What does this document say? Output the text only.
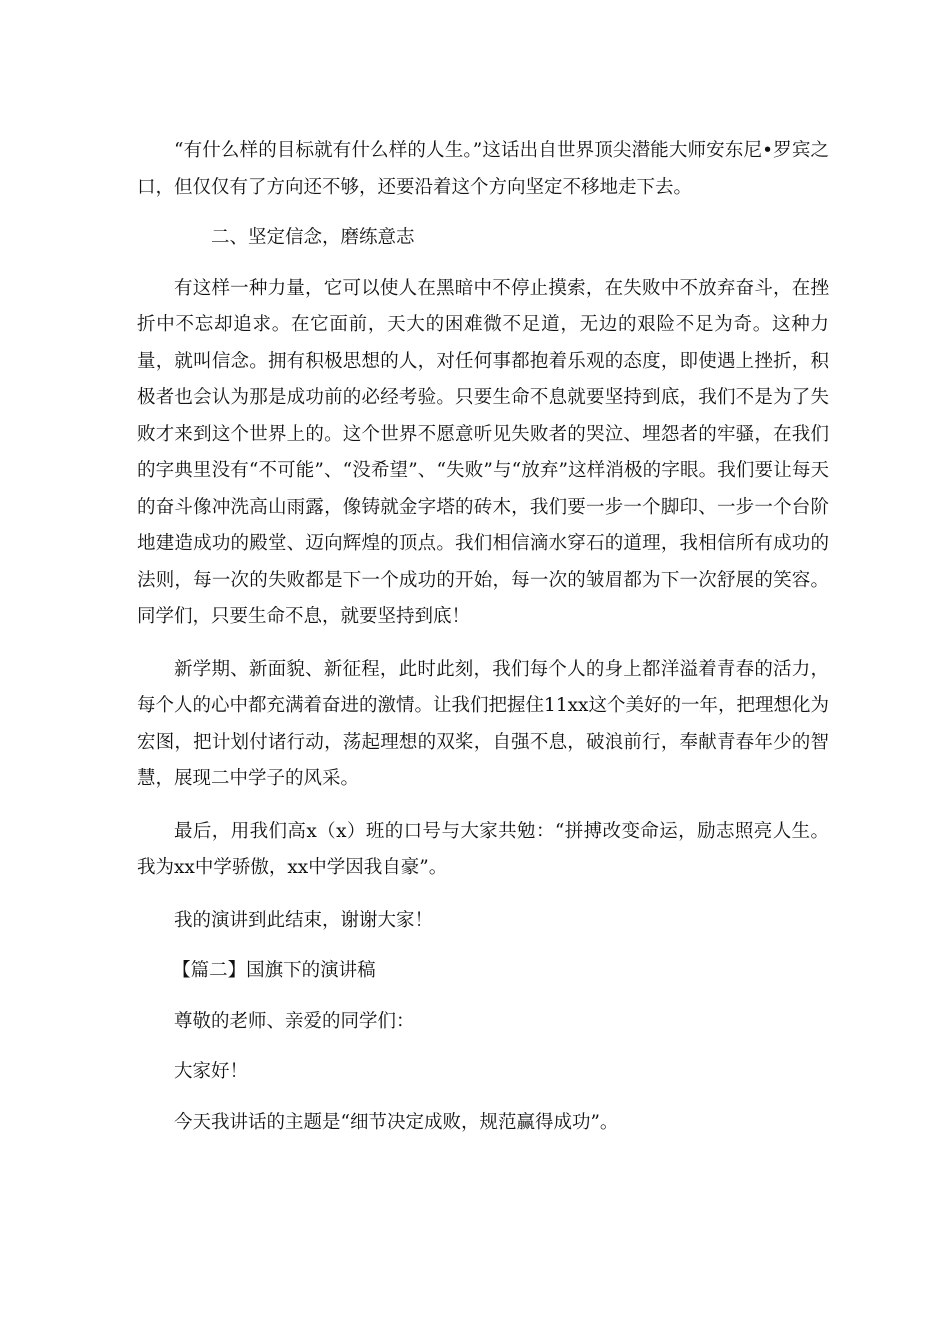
“有什么样的目标就有什么样的人生。”这话出自世界顶尖潜能大师安东尼•罗宾之口，但仅仅有了方向还不够，还要沿着这个方向坚定不移地走下去。

二、坚定信念，磨练意志

有这样一种力量，它可以使人在黑暗中不停止摸索，在失败中不放弃奋斗，在挫折中不忘却追求。在它面前，天大的困难微不足道，无边的艰险不足为奇。这种力量，就叫信念。拥有积极思想的人，对任何事都抱着乐观的态度，即使遇上挫折，积极者也会认为那是成功前的必经考验。只要生命不息就要坚持到底，我们不是为了失败才来到这个世界上的。这个世界不愿意听见失败者的哭泣、埋怨者的牢骚，在我们的字典里没有“不可能”、“没希望”、“失败”与“放弃”这样消极的字眼。我们要让每天的奋斗像冲洗高山雨露，像铸就金字塔的砖木，我们要一步一个脚印、一步一个台阶地建造成功的殿堂、迈向辉煌的顶点。我们相信滴水穿石的道理，我相信所有成功的法则，每一次的失败都是下一个成功的开始，每一次的皱眉都为下一次舒展的笑容。同学们，只要生命不息，就要坚持到底！

新学期、新面貌、新征程，此时此刻，我们每个人的身上都洋溢着青春的活力，每个人的心中都充满着奋进的激情。让我们把握住11xx这个美好的一年，把理想化为宏图，把计划付诸行动，荡起理想的双桨，自强不息，破浪前行，奉献青春年少的智慧，展现二中学子的风采。

最后，用我们高x（x）班的口号与大家共勉：“拼搏改变命运，励志照亮人生。我为xx中学骄傲，xx中学因我自豪”。

我的演讲到此结束，谢谢大家！

【篇二】国旗下的演讲稿

尊敬的老师、亲爱的同学们：

大家好！

今天我讲话的主题是“细节决定成败，规范赢得成功”。
